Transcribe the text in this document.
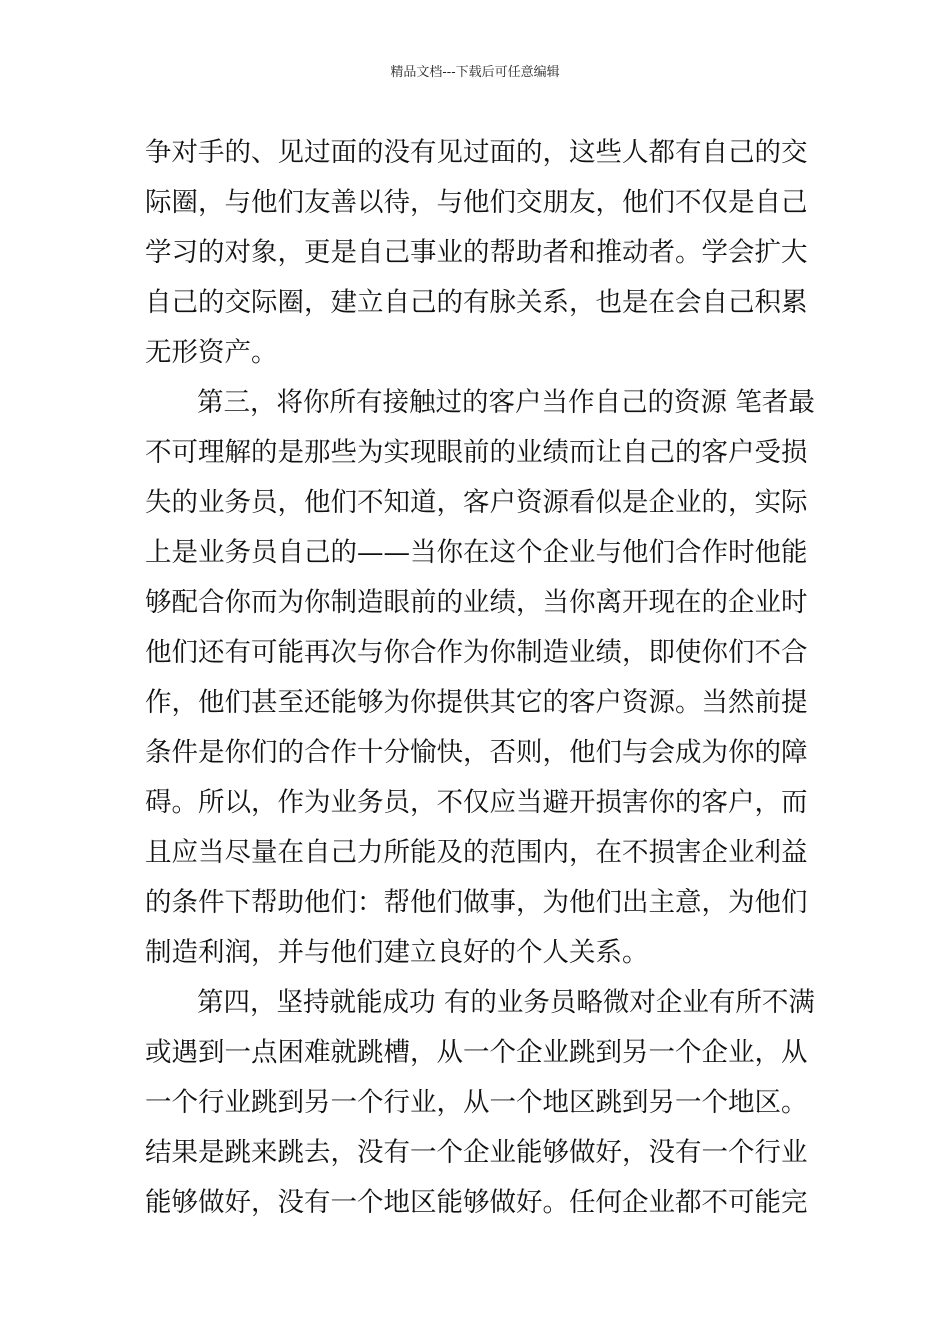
精品文档---下载后可任意编辑
争对手的、见过面的没有见过面的，这些人都有自己的交
际圈，与他们友善以待，与他们交朋友，他们不仅是自己
学习的对象，更是自己事业的帮助者和推动者。学会扩大
自己的交际圈，建立自己的有脉关系，也是在会自己积累
无形资产。
第三，将你所有接触过的客户当作自己的资源 笔者最
不可理解的是那些为实现眼前的业绩而让自己的客户受损
失的业务员，他们不知道，客户资源看似是企业的，实际
上是业务员自己的——当你在这个企业与他们合作时他能
够配合你而为你制造眼前的业绩，当你离开现在的企业时
他们还有可能再次与你合作为你制造业绩，即使你们不合
作，他们甚至还能够为你提供其它的客户资源。当然前提
条件是你们的合作十分愉快，否则，他们与会成为你的障
碍。所以，作为业务员，不仅应当避开损害你的客户，而
且应当尽量在自己力所能及的范围内，在不损害企业利益
的条件下帮助他们：帮他们做事，为他们出主意，为他们
制造利润，并与他们建立良好的个人关系。
第四，坚持就能成功 有的业务员略微对企业有所不满
或遇到一点困难就跳槽，从一个企业跳到另一个企业，从
一个行业跳到另一个行业，从一个地区跳到另一个地区。
结果是跳来跳去，没有一个企业能够做好，没有一个行业
能够做好，没有一个地区能够做好。任何企业都不可能完
